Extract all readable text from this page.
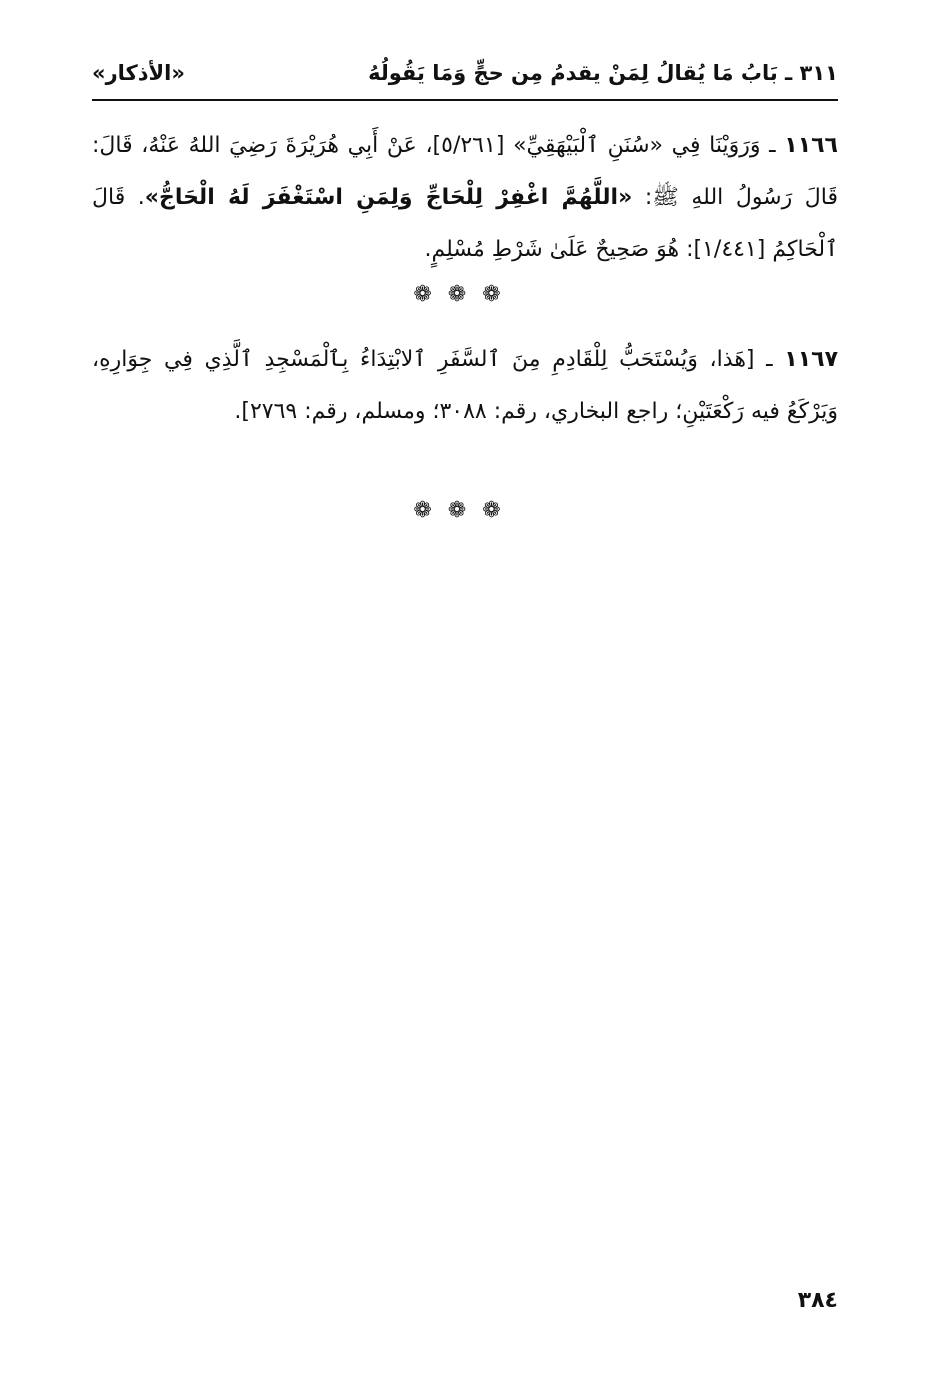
٣١١ ـ بَابُ مَا يُقالُ لِمَنْ يقدمُ مِن حجٍّ وَمَا يَقُولُهُ
«الأذكار»

١١٦٦ ـ وَرَوَيْنَا فِي «سُنَنِ ٱلْبَيْهَقِيِّ» [٥/٢٦١]، عَنْ أَبِي هُرَيْرَةَ رَضِيَ اللهُ عَنْهُ، قَالَ: قَالَ رَسُولُ اللهِ ﷺ: «اللَّهُمَّ اغْفِرْ لِلْحَاجِّ وَلِمَنِ اسْتَغْفَرَ لَهُ الْحَاجُّ». قَالَ ٱلْحَاكِمُ [١/٤٤١]: هُوَ صَحِيحٌ عَلَىٰ شَرْطِ مُسْلِمٍ.

❁❁❁

١١٦٧ ـ [هَذا، وَيُسْتَحَبُّ لِلْقَادِمِ مِنَ ٱلسَّفَرِ ٱلابْتِدَاءُ بِٱلْمَسْجِدِ ٱلَّذِي فِي جِوَارِهِ، وَيَرْكَعُ فيه رَكْعَتَيْنِ؛ راجع البخاري، رقم: ٣٠٨٨؛ ومسلم، رقم: ٢٧٦٩].

❁❁❁
٣٨٤
